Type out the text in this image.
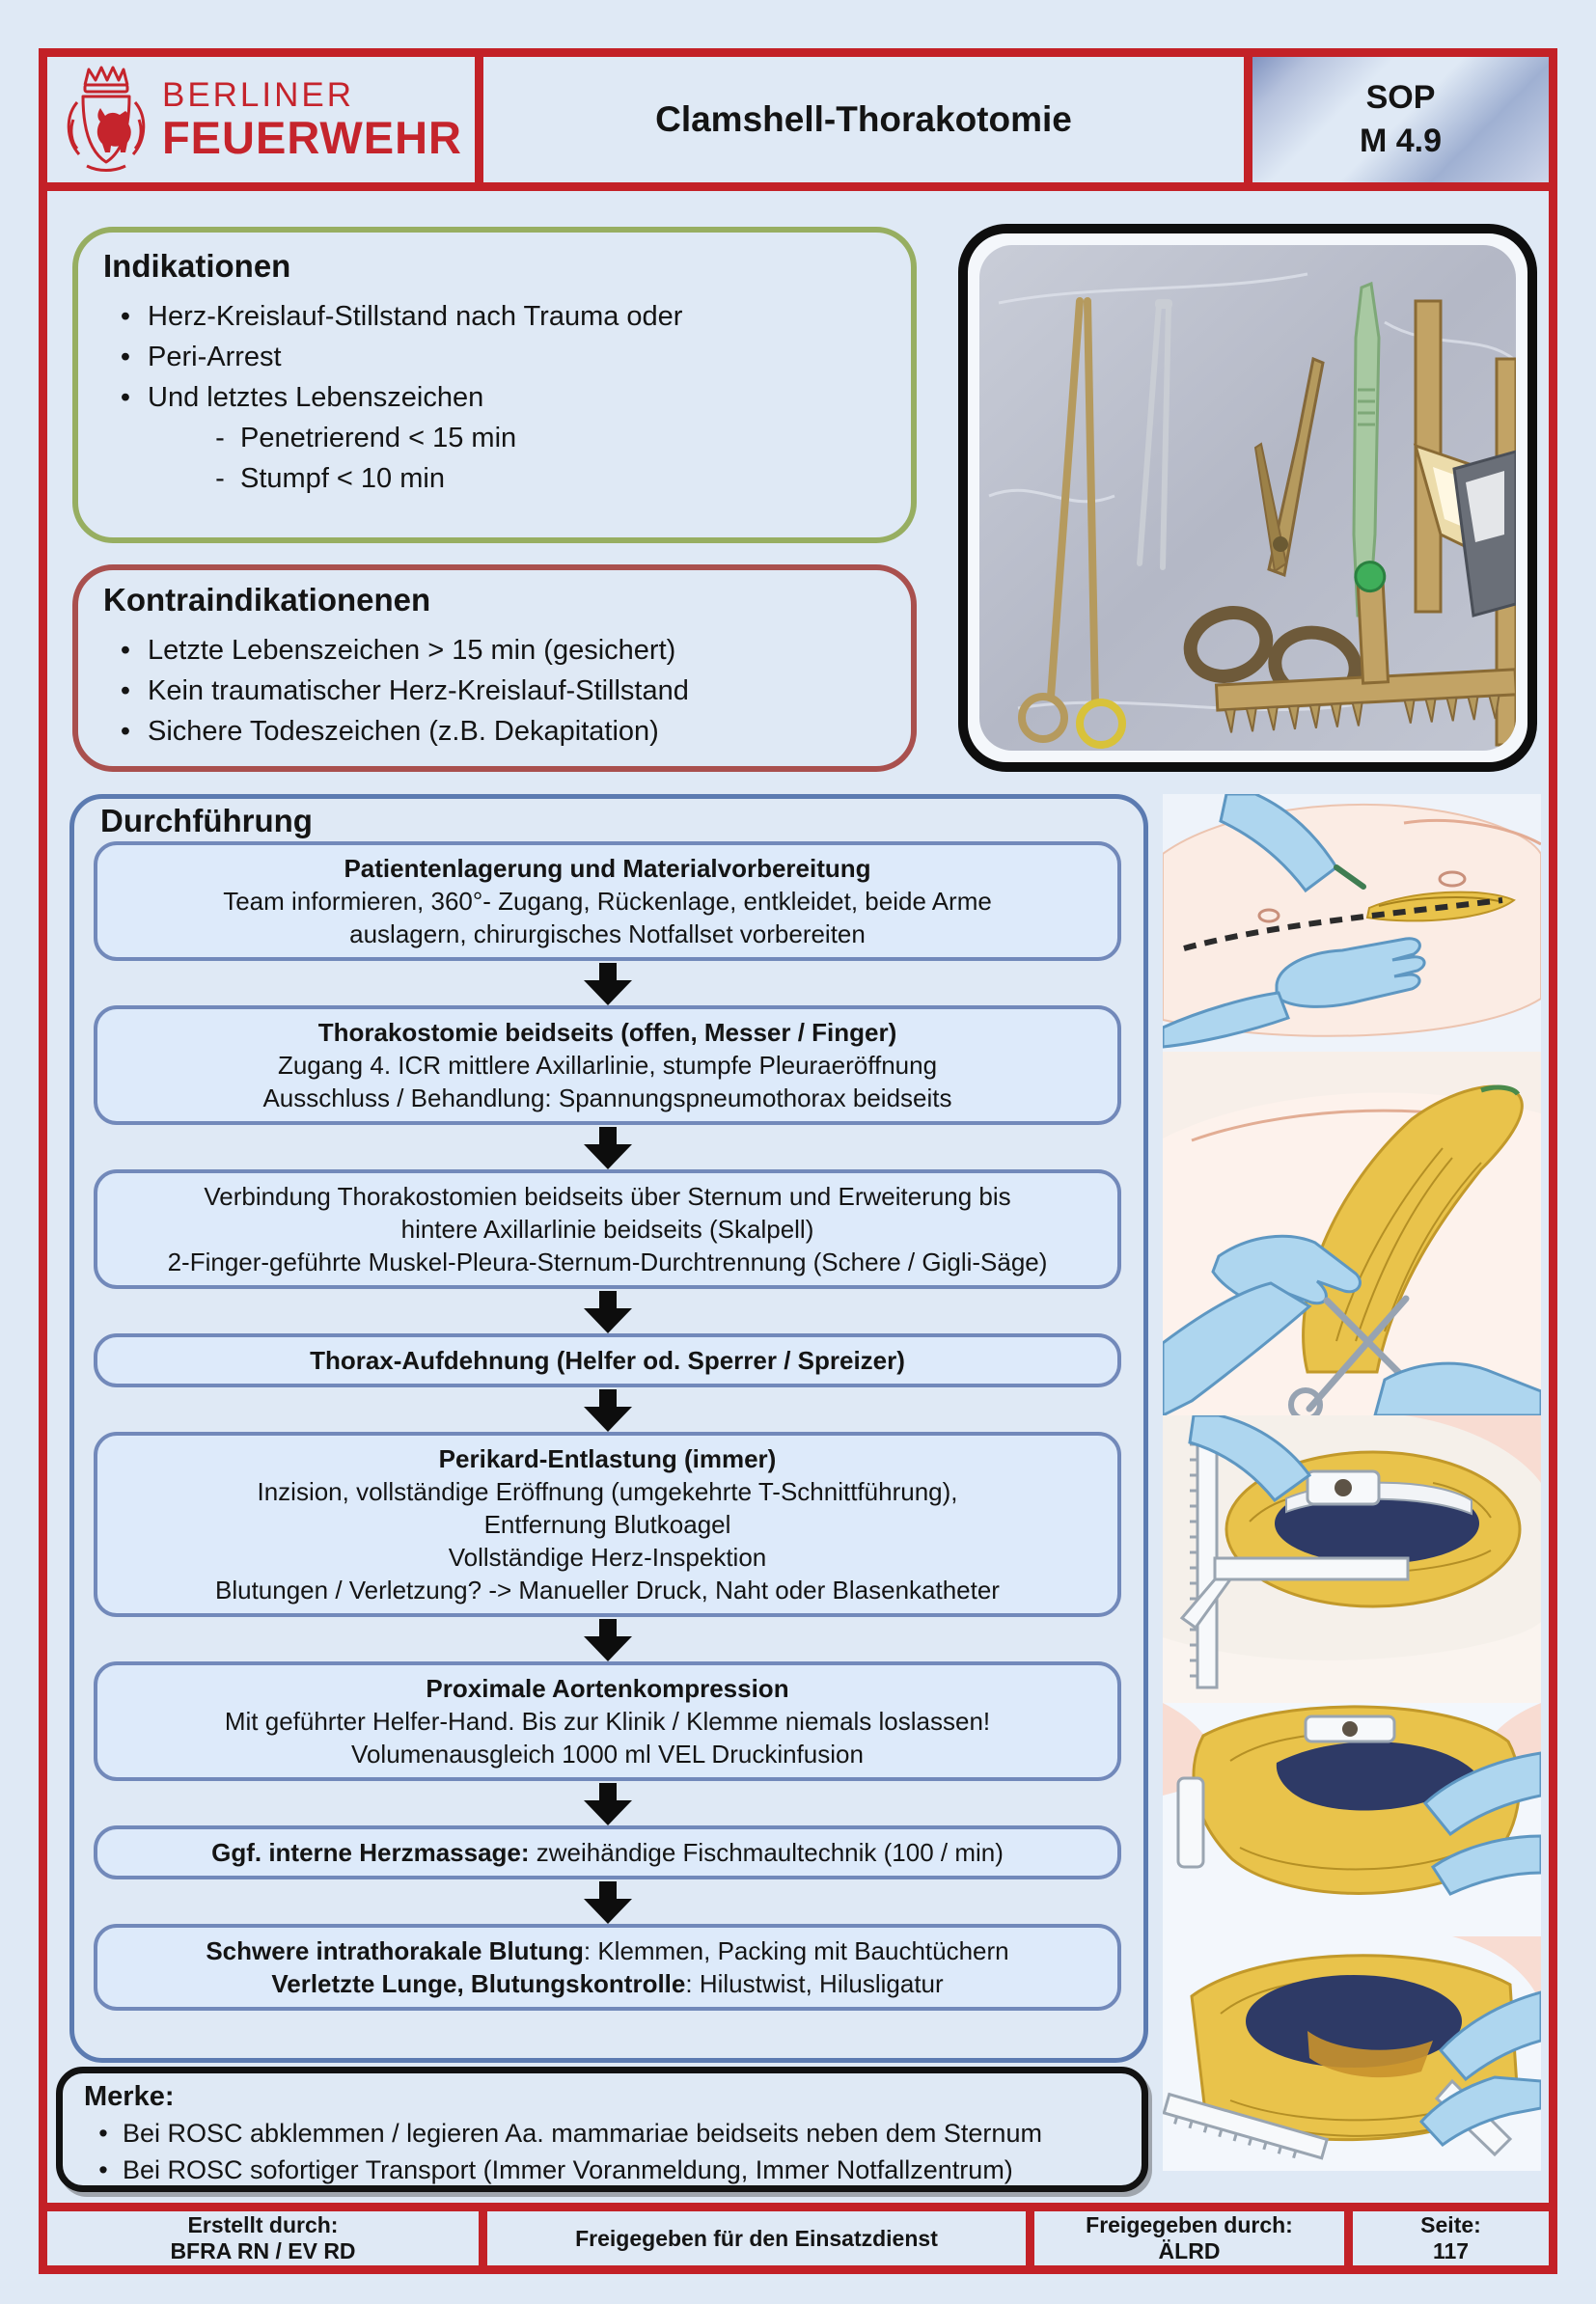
BERLINER
FEUERWEHR	Clamshell-Thorakotomie
SOP
M 4.9
Indikationen
• Herz-Kreislauf-Stillstand nach Trauma oder
• Peri-Arrest
• Und letztes Lebenszeichen
- Penetrierend < 15 min
- Stumpf < 10 min
Kontraindikationenen
• Letzte Lebenszeichen > 15 min (gesichert)
• Kein traumatischer Herz-Kreislauf-Stillstand
• Sichere Todeszeichen (z.B. Dekapitation)
Durchführung
Patientenlagerung und Materialvorbereitung
Team informieren, 360°- Zugang, Rückenlage, entkleidet, beide Arme
auslagern, chirurgisches Notfallset vorbereiten
Thorakostomie beidseits (offen, Messer / Finger)
Zugang 4. ICR mittlere Axillarlinie, stumpfe Pleuraeröffnung
Ausschluss / Behandlung: Spannungspneumothorax beidseits
Verbindung Thorakostomien beidseits über Sternum und Erweiterung bis
hintere Axillarlinie beidseits (Skalpell)
2-Finger-geführte Muskel-Pleura-Sternum-Durchtrennung (Schere / Gigli-Säge)
Thorax-Aufdehnung (Helfer od. Sperrer / Spreizer)
Perikard-Entlastung (immer)
Inzision, vollständige Eröffnung (umgekehrte T-Schnittführung),
Entfernung Blutkoagel
Vollständige Herz-Inspektion
Blutungen / Verletzung? -> Manueller Druck, Naht oder Blasenkatheter
Proximale Aortenkompression
Mit geführter Helfer-Hand. Bis zur Klinik / Klemme niemals loslassen!
Volumenausgleich 1000 ml VEL Druckinfusion
Ggf. interne Herzmassage: zweihändige Fischmaultechnik (100 / min)
Schwere intrathorakale Blutung: Klemmen, Packing mit Bauchtüchern
Verletzte Lunge, Blutungskontrolle: Hilustwist, Hilusligatur
Merke:
• Bei ROSC abklemmen / legieren Aa. mammariae beidseits neben dem Sternum
• Bei ROSC sofortiger Transport (Immer Voranmeldung, Immer Notfallzentrum)
Erstellt durch:
BFRA RN / EV RD
Freigegeben für den Einsatzdienst
Freigegeben durch:
ÄLRD
Seite:
117
